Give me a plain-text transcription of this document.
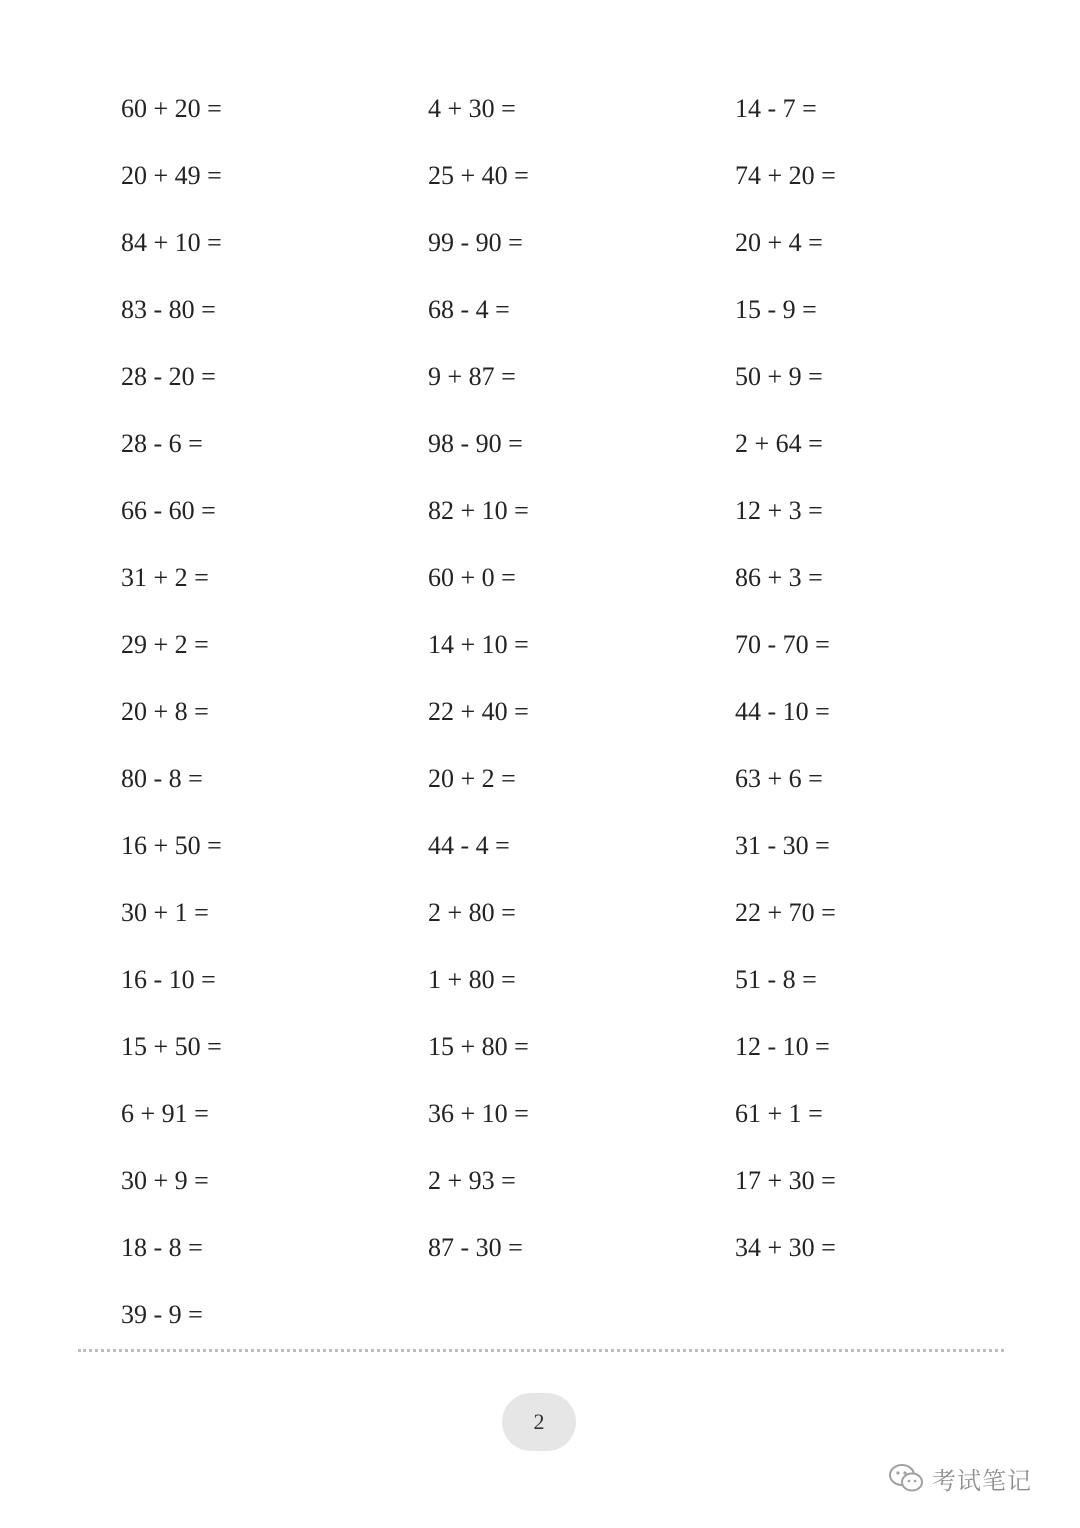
60 + 20 =
20 + 49 =
84 + 10 =
83 - 80 =
28 - 20 =
28 - 6 =
66 - 60 =
31 + 2 =
29 + 2 =
20 + 8 =
80 - 8 =
16 + 50 =
30 + 1 =
16 - 10 =
15 + 50 =
6 + 91 =
30 + 9 =
18 - 8 =
39 - 9 =
4 + 30 =
25 + 40 =
99 - 90 =
68 - 4 =
9 + 87 =
98 - 90 =
82 + 10 =
60 + 0 =
14 + 10 =
22 + 40 =
20 + 2 =
44 - 4 =
2 + 80 =
1 + 80 =
15 + 80 =
36 + 10 =
2 + 93 =
87 - 30 =
14 - 7 =
74 + 20 =
20 + 4 =
15 - 9 =
50 + 9 =
2 + 64 =
12 + 3 =
86 + 3 =
70 - 70 =
44 - 10 =
63 + 6 =
31 - 30 =
22 + 70 =
51 - 8 =
12 - 10 =
61 + 1 =
17 + 30 =
34 + 30 =
2
考试笔记
